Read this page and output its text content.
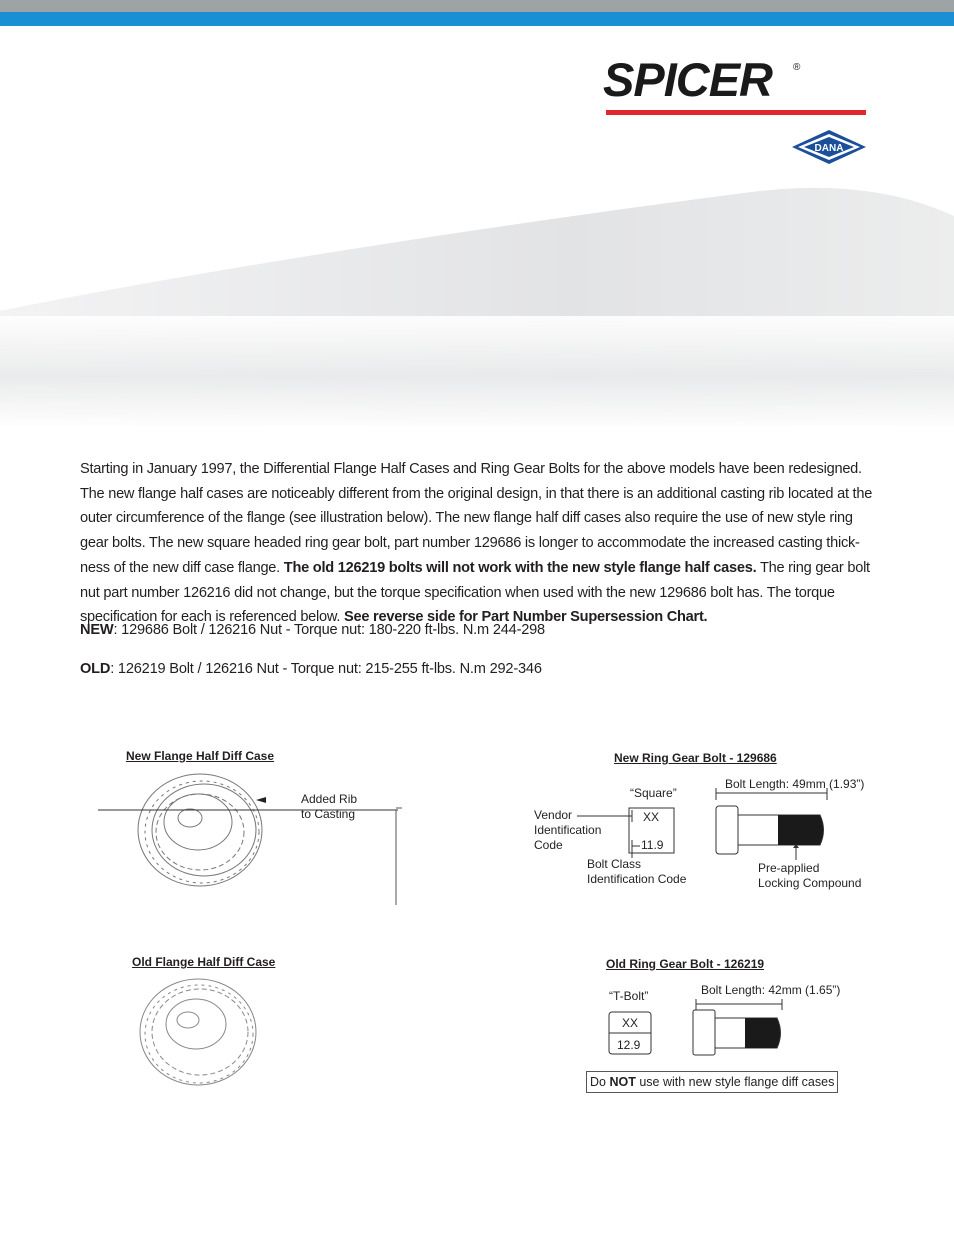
SPICER ®
DANA
Starting in January 1997, the Differential Flange Half Cases and Ring Gear Bolts for the above models have been redesigned.
The new flange half cases are noticeably different from the original design, in that there is an additional casting rib located at the
outer circumference of the flange (see illustration below). The new flange half diff cases also require the use of new style ring
gear bolts. The new square headed ring gear bolt, part number 129686 is longer to accommodate the increased casting thick-
ness of the new diff case flange. The old 126219 bolts will not work with the new style flange half cases. The ring gear bolt
nut part number 126216 did not change, but the torque specification when used with the new 129686 bolt has. The torque
specification for each is referenced below. See reverse side for Part Number Supersession Chart.
NEW: 129686 Bolt / 126216 Nut - Torque nut: 180-220 ft-lbs. N.m 244-298
OLD: 126219 Bolt / 126216 Nut - Torque nut: 215-255 ft-lbs. N.m 292-346
New Flange Half Diff Case
Old Flange Half Diff Case
New Ring Gear Bolt - 129686
Old Ring Gear Bolt - 126219
Added Rib
to Casting
“Square”
Bolt Length: 49mm (1.93”)
Vendor
Identification
Code
XX
11.9
Bolt Class
Identification Code
Pre-applied
Locking Compound
“T-Bolt”	Bolt Length: 42mm (1.65”)
XX
12.9
Do NOT use with new style flange diff cases
